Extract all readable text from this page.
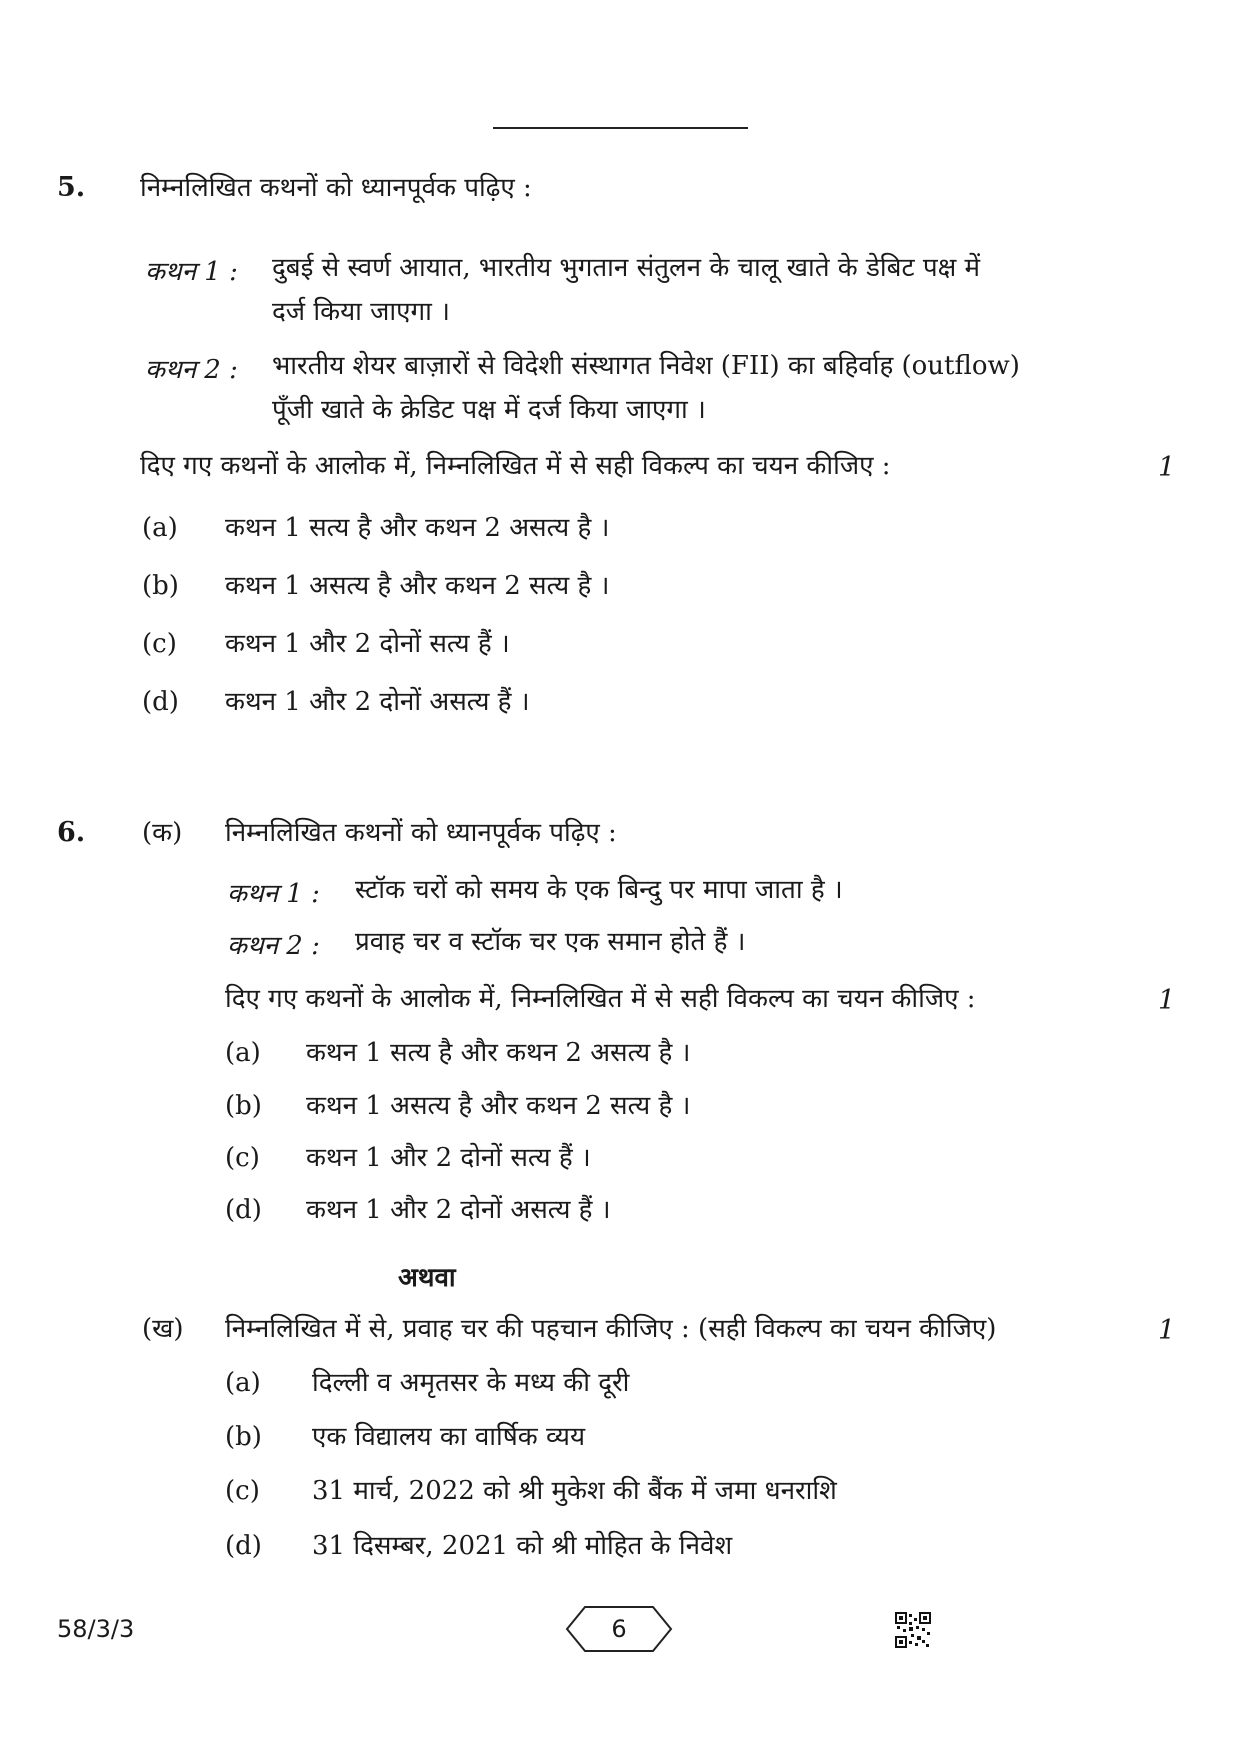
5. निम्नलिखित कथनों को ध्यानपूर्वक पढ़िए :
कथन 1 : दुबई से स्वर्ण आयात, भारतीय भुगतान संतुलन के चालू खाते के डेबिट पक्ष में
दर्ज किया जाएगा ।
कथन 2 : भारतीय शेयर बाज़ारों से विदेशी संस्थागत निवेश (FII) का बहिर्वाह (outflow)
पूँजी खाते के क्रेडिट पक्ष में दर्ज किया जाएगा ।
दिए गए कथनों के आलोक में, निम्नलिखित में से सही विकल्प का चयन कीजिए :	1
(a) कथन 1 सत्य है और कथन 2 असत्य है ।
(b) कथन 1 असत्य है और कथन 2 सत्य है ।
(c) कथन 1 और 2 दोनों सत्य हैं ।
(d) कथन 1 और 2 दोनों असत्य हैं ।
6. (क) निम्नलिखित कथनों को ध्यानपूर्वक पढ़िए :
कथन 1 : स्टॉक चरों को समय के एक बिन्दु पर मापा जाता है ।
कथन 2 : प्रवाह चर व स्टॉक चर एक समान होते हैं ।
दिए गए कथनों के आलोक में, निम्नलिखित में से सही विकल्प का चयन कीजिए :	1
(a) कथन 1 सत्य है और कथन 2 असत्य है ।
(b) कथन 1 असत्य है और कथन 2 सत्य है ।
(c) कथन 1 और 2 दोनों सत्य हैं ।
(d) कथन 1 और 2 दोनों असत्य हैं ।
अथवा
(ख) निम्नलिखित में से, प्रवाह चर की पहचान कीजिए : (सही विकल्प का चयन कीजिए)	1
(a) दिल्ली व अमृतसर के मध्य की दूरी
(b) एक विद्यालय का वार्षिक व्यय
(c) 31 मार्च, 2022 को श्री मुकेश की बैंक में जमा धनराशि
(d) 31 दिसम्बर, 2021 को श्री मोहित के निवेश
58/3/3	6
